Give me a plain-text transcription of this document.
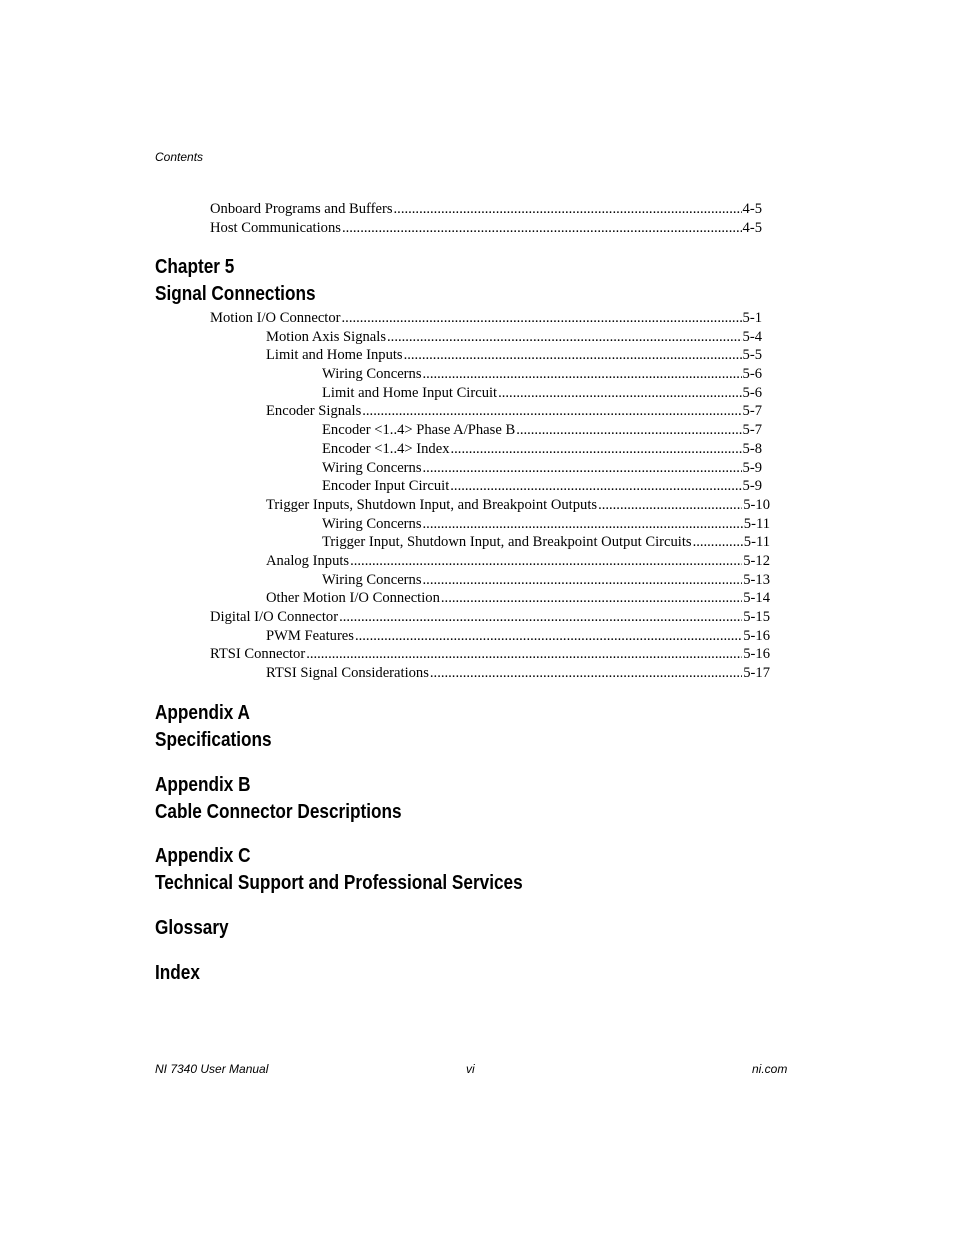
Contents
Onboard Programs and Buffers .....	4-5
Host Communications .....	4-5
Chapter 5
Signal Connections
Motion I/O Connector .....	5-1
Motion Axis Signals .....	5-4
Limit and Home Inputs .....	5-5
Wiring Concerns .....	5-6
Limit and Home Input Circuit .....	5-6
Encoder Signals .....	5-7
Encoder <1..4> Phase A/Phase B .....	5-7
Encoder <1..4> Index .....	5-8
Wiring Concerns .....	5-9
Encoder Input Circuit .....	5-9
Trigger Inputs, Shutdown Input, and Breakpoint Outputs .....	5-10
Wiring Concerns .....	5-11
Trigger Input, Shutdown Input, and Breakpoint Output Circuits .....	5-11
Analog Inputs .....	5-12
Wiring Concerns .....	5-13
Other Motion I/O Connection .....	5-14
Digital I/O Connector .....	5-15
PWM Features .....	5-16
RTSI Connector .....	5-16
RTSI Signal Considerations .....	5-17
Appendix A
Specifications
Appendix B
Cable Connector Descriptions
Appendix C
Technical Support and Professional Services
Glossary
Index
NI 7340 User Manual	vi	ni.com
